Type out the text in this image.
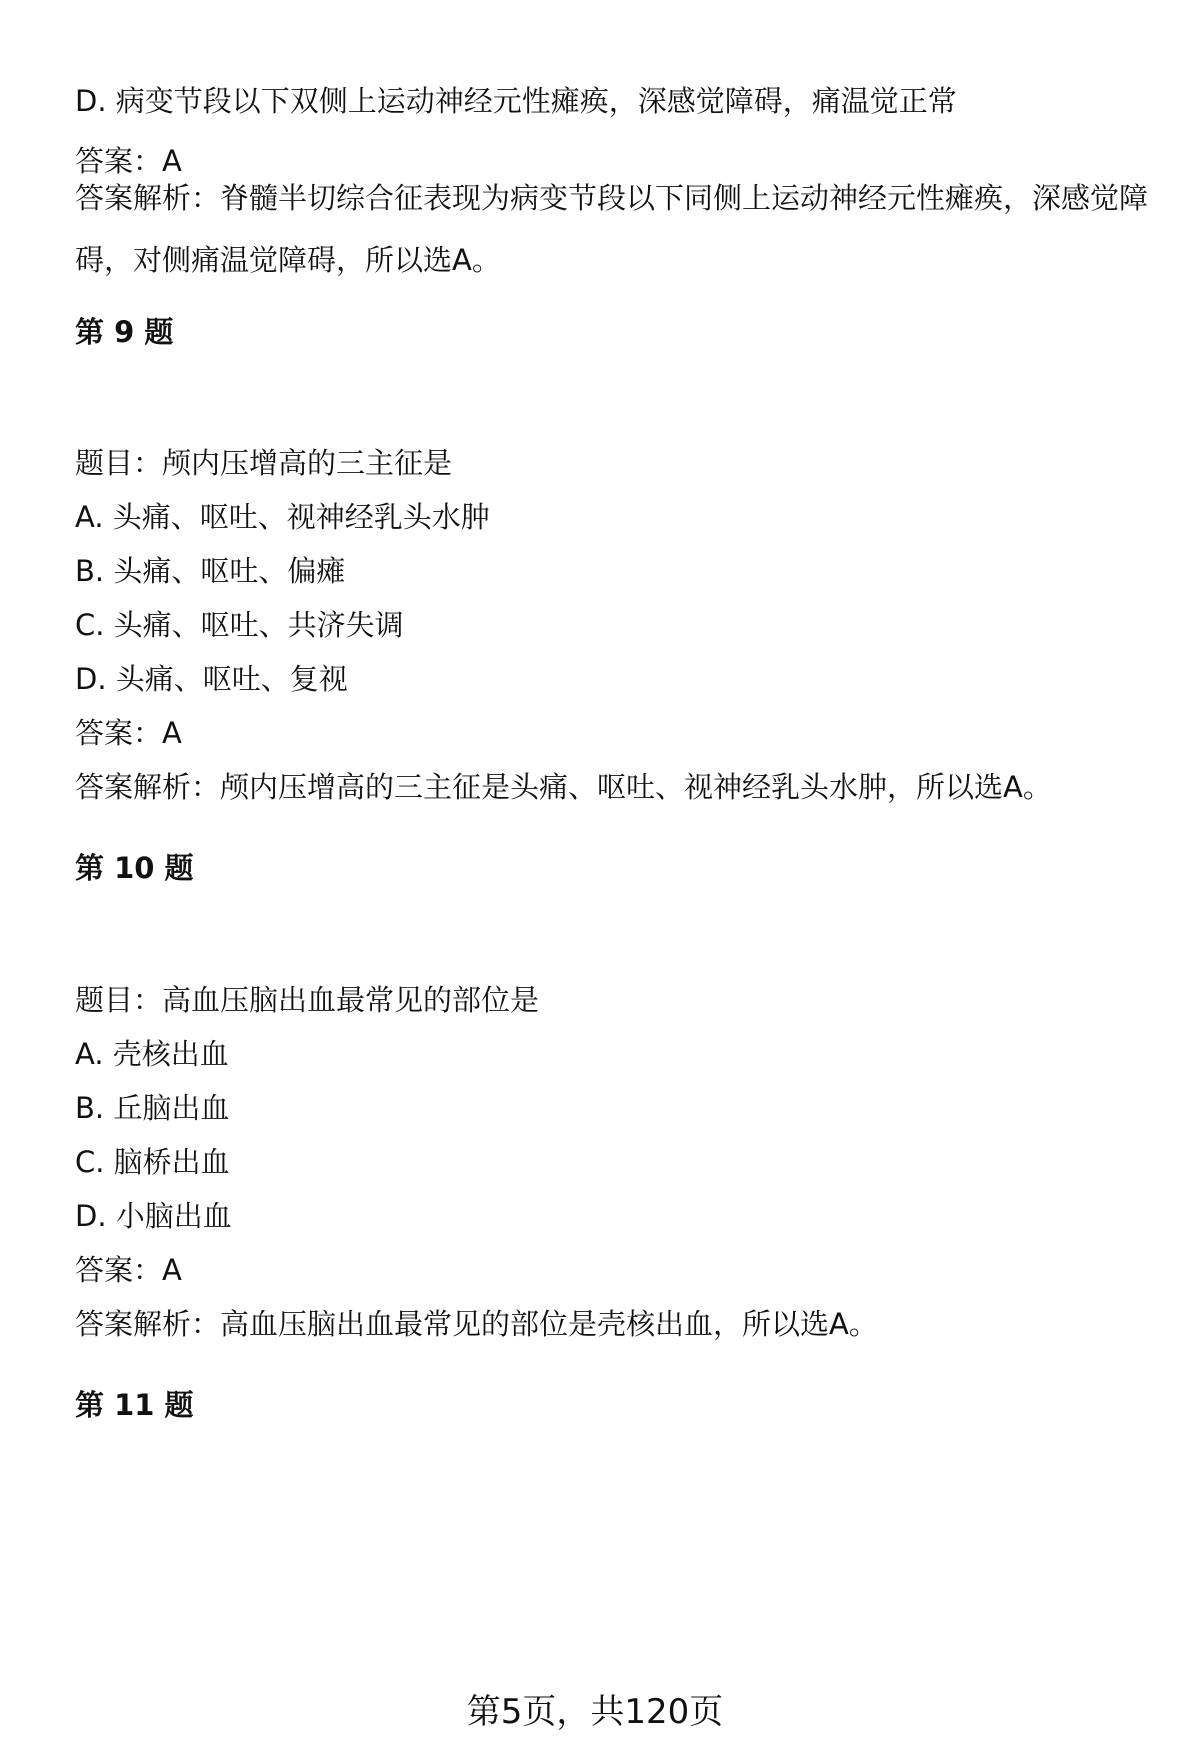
D. 病变节段以下双侧上运动神经元性瘫痪，深感觉障碍，痛温觉正常
答案：A
答案解析：脊髓半切综合征表现为病变节段以下同侧上运动神经元性瘫痪，深感觉障碍，对侧痛温觉障碍，所以选A。
第 9 题
题目：颅内压增高的三主征是
A. 头痛、呕吐、视神经乳头水肿
B. 头痛、呕吐、偏瘫
C. 头痛、呕吐、共济失调
D. 头痛、呕吐、复视
答案：A
答案解析：颅内压增高的三主征是头痛、呕吐、视神经乳头水肿，所以选A。
第 10 题
题目：高血压脑出血最常见的部位是
A. 壳核出血
B. 丘脑出血
C. 脑桥出血
D. 小脑出血
答案：A
答案解析：高血压脑出血最常见的部位是壳核出血，所以选A。
第 11 题
第5页，共120页
